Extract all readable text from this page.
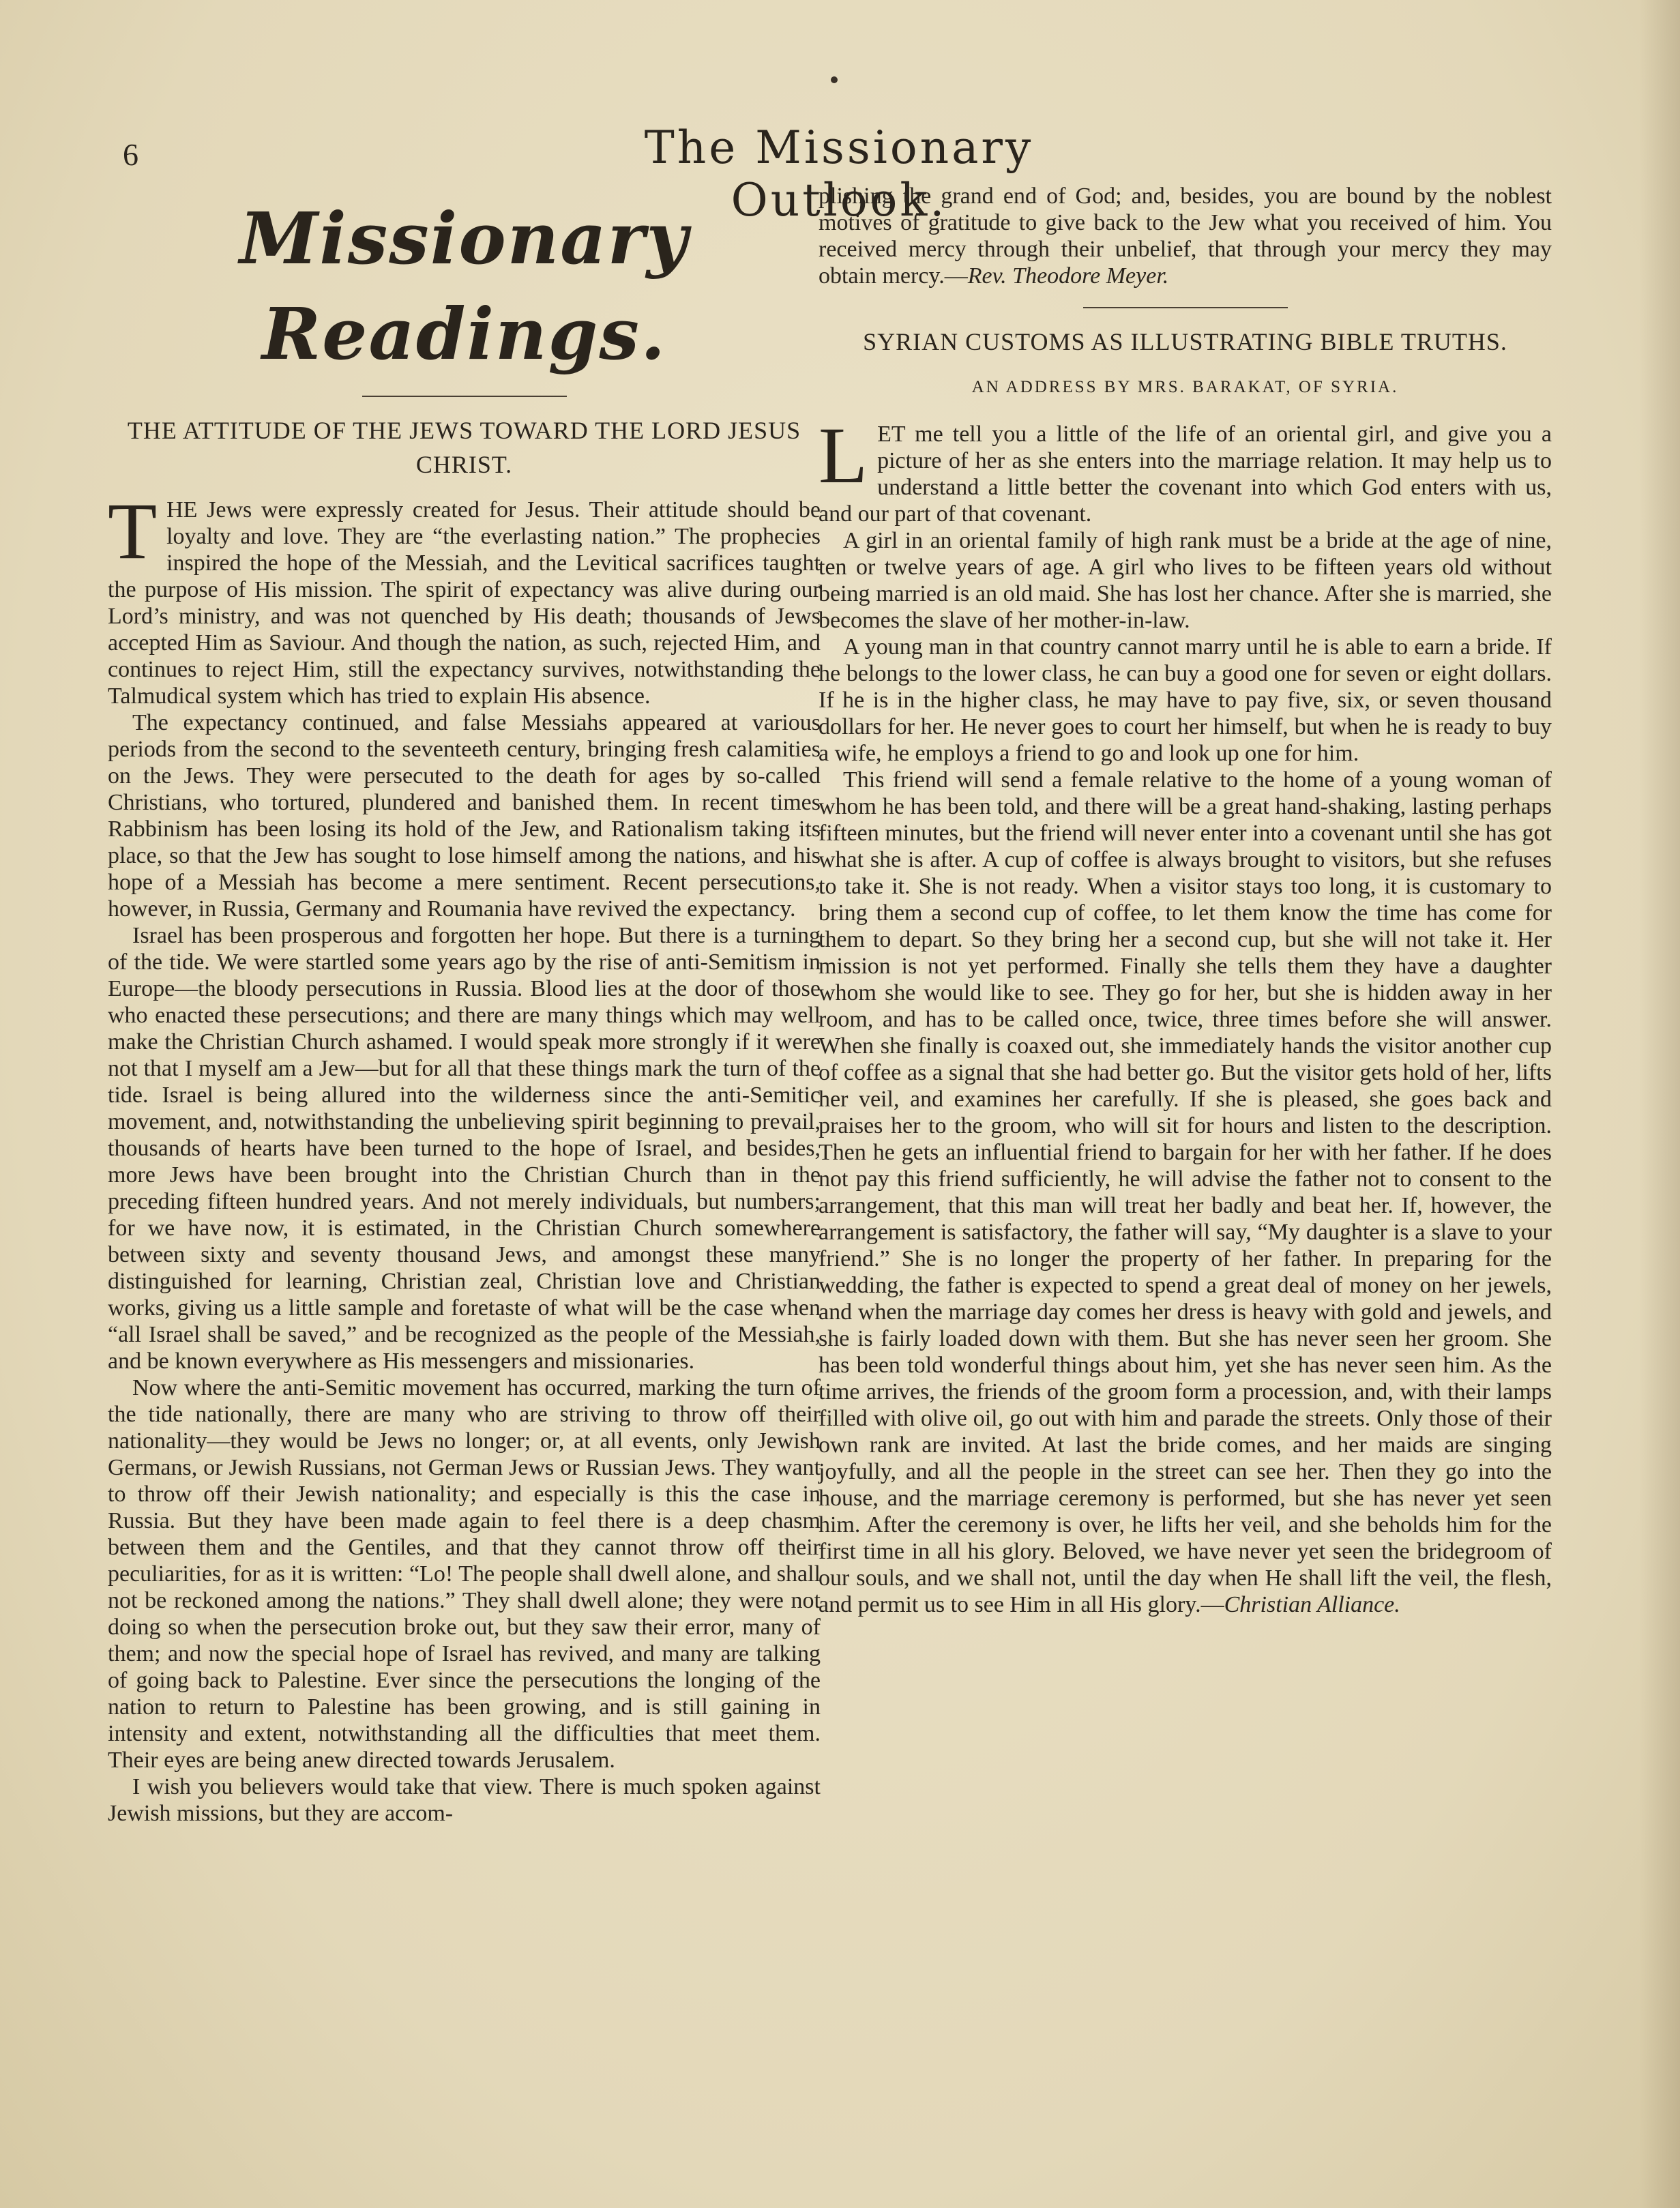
6	The Missionary Outlook.
Missionary Readings.
THE ATTITUDE OF THE JEWS TOWARD THE LORD JESUS CHRIST.

THE Jews were expressly created for Jesus. Their attitude should be loyalty and love. They are “the everlasting nation.” The prophecies inspired the hope of the Messiah, and the Levitical sacrifices taught the purpose of His mission. The spirit of expectancy was alive during our Lord’s ministry, and was not quenched by His death; thousands of Jews accepted Him as Saviour. And though the nation, as such, rejected Him, and continues to reject Him, still the expectancy survives, notwithstanding the Talmudical system which has tried to explain His absence.

The expectancy continued, and false Messiahs appeared at various periods from the second to the seventeeth century, bringing fresh calamities on the Jews. They were persecuted to the death for ages by so-called Christians, who tortured, plundered and banished them. In recent times Rabbinism has been losing its hold of the Jew, and Rationalism taking its place, so that the Jew has sought to lose himself among the nations, and his hope of a Messiah has become a mere sentiment. Recent persecutions, however, in Russia, Germany and Roumania have revived the expectancy.

Israel has been prosperous and forgotten her hope. But there is a turning of the tide. We were startled some years ago by the rise of anti-Semitism in Europe—the bloody persecutions in Russia. Blood lies at the door of those who enacted these persecutions; and there are many things which may well make the Christian Church ashamed. I would speak more strongly if it were not that I myself am a Jew—but for all that these things mark the turn of the tide. Israel is being allured into the wilderness since the anti-Semitic movement, and, notwithstanding the unbelieving spirit beginning to prevail, thousands of hearts have been turned to the hope of Israel, and besides, more Jews have been brought into the Christian Church than in the preceding fifteen hundred years. And not merely individuals, but numbers; for we have now, it is estimated, in the Christian Church somewhere between sixty and seventy thousand Jews, and amongst these many distinguished for learning, Christian zeal, Christian love and Christian works, giving us a little sample and foretaste of what will be the case when “all Israel shall be saved,” and be recognized as the people of the Messiah, and be known everywhere as His messengers and missionaries.

Now where the anti-Semitic movement has occurred, marking the turn of the tide nationally, there are many who are striving to throw off their nationality—they would be Jews no longer; or, at all events, only Jewish Germans, or Jewish Russians, not German Jews or Russian Jews. They want to throw off their Jewish nationality; and especially is this the case in Russia. But they have been made again to feel there is a deep chasm between them and the Gentiles, and that they cannot throw off their peculiarities, for as it is written: “Lo! The people shall dwell alone, and shall not be reckoned among the nations.” They shall dwell alone; they were not doing so when the persecution broke out, but they saw their error, many of them; and now the special hope of Israel has revived, and many are talking of going back to Palestine. Ever since the persecutions the longing of the nation to return to Palestine has been growing, and is still gaining in intensity and extent, notwithstanding all the difficulties that meet them. Their eyes are being anew directed towards Jerusalem.

I wish you believers would take that view. There is much spoken against Jewish missions, but they are accom-

plishing the grand end of God; and, besides, you are bound by the noblest motives of gratitude to give back to the Jew what you received of him. You received mercy through their unbelief, that through your mercy they may obtain mercy.—Rev. Theodore Meyer.

SYRIAN CUSTOMS AS ILLUSTRATING BIBLE TRUTHS.
AN ADDRESS BY MRS. BARAKAT, OF SYRIA.

LET me tell you a little of the life of an oriental girl, and give you a picture of her as she enters into the marriage relation. It may help us to understand a little better the covenant into which God enters with us, and our part of that covenant.

A girl in an oriental family of high rank must be a bride at the age of nine, ten or twelve years of age. A girl who lives to be fifteen years old without being married is an old maid. She has lost her chance. After she is married, she becomes the slave of her mother-in-law.

A young man in that country cannot marry until he is able to earn a bride. If he belongs to the lower class, he can buy a good one for seven or eight dollars. If he is in the higher class, he may have to pay five, six, or seven thousand dollars for her. He never goes to court her himself, but when he is ready to buy a wife, he employs a friend to go and look up one for him.

This friend will send a female relative to the home of a young woman of whom he has been told, and there will be a great hand-shaking, lasting perhaps fifteen minutes, but the friend will never enter into a covenant until she has got what she is after. A cup of coffee is always brought to visitors, but she refuses to take it. She is not ready. When a visitor stays too long, it is customary to bring them a second cup of coffee, to let them know the time has come for them to depart. So they bring her a second cup, but she will not take it. Her mission is not yet performed. Finally she tells them they have a daughter whom she would like to see. They go for her, but she is hidden away in her room, and has to be called once, twice, three times before she will answer. When she finally is coaxed out, she immediately hands the visitor another cup of coffee as a signal that she had better go. But the visitor gets hold of her, lifts her veil, and examines her carefully. If she is pleased, she goes back and praises her to the groom, who will sit for hours and listen to the description. Then he gets an influential friend to bargain for her with her father. If he does not pay this friend sufficiently, he will advise the father not to consent to the arrangement, that this man will treat her badly and beat her. If, however, the arrangement is satisfactory, the father will say, “My daughter is a slave to your friend.” She is no longer the property of her father. In preparing for the wedding, the father is expected to spend a great deal of money on her jewels, and when the marriage day comes her dress is heavy with gold and jewels, and she is fairly loaded down with them. But she has never seen her groom. She has been told wonderful things about him, yet she has never seen him. As the time arrives, the friends of the groom form a procession, and, with their lamps filled with olive oil, go out with him and parade the streets. Only those of their own rank are invited. At last the bride comes, and her maids are singing joyfully, and all the people in the street can see her. Then they go into the house, and the marriage ceremony is performed, but she has never yet seen him. After the ceremony is over, he lifts her veil, and she beholds him for the first time in all his glory. Beloved, we have never yet seen the bridegroom of our souls, and we shall not, until the day when He shall lift the veil, the flesh, and permit us to see Him in all His glory.—Christian Alliance.
